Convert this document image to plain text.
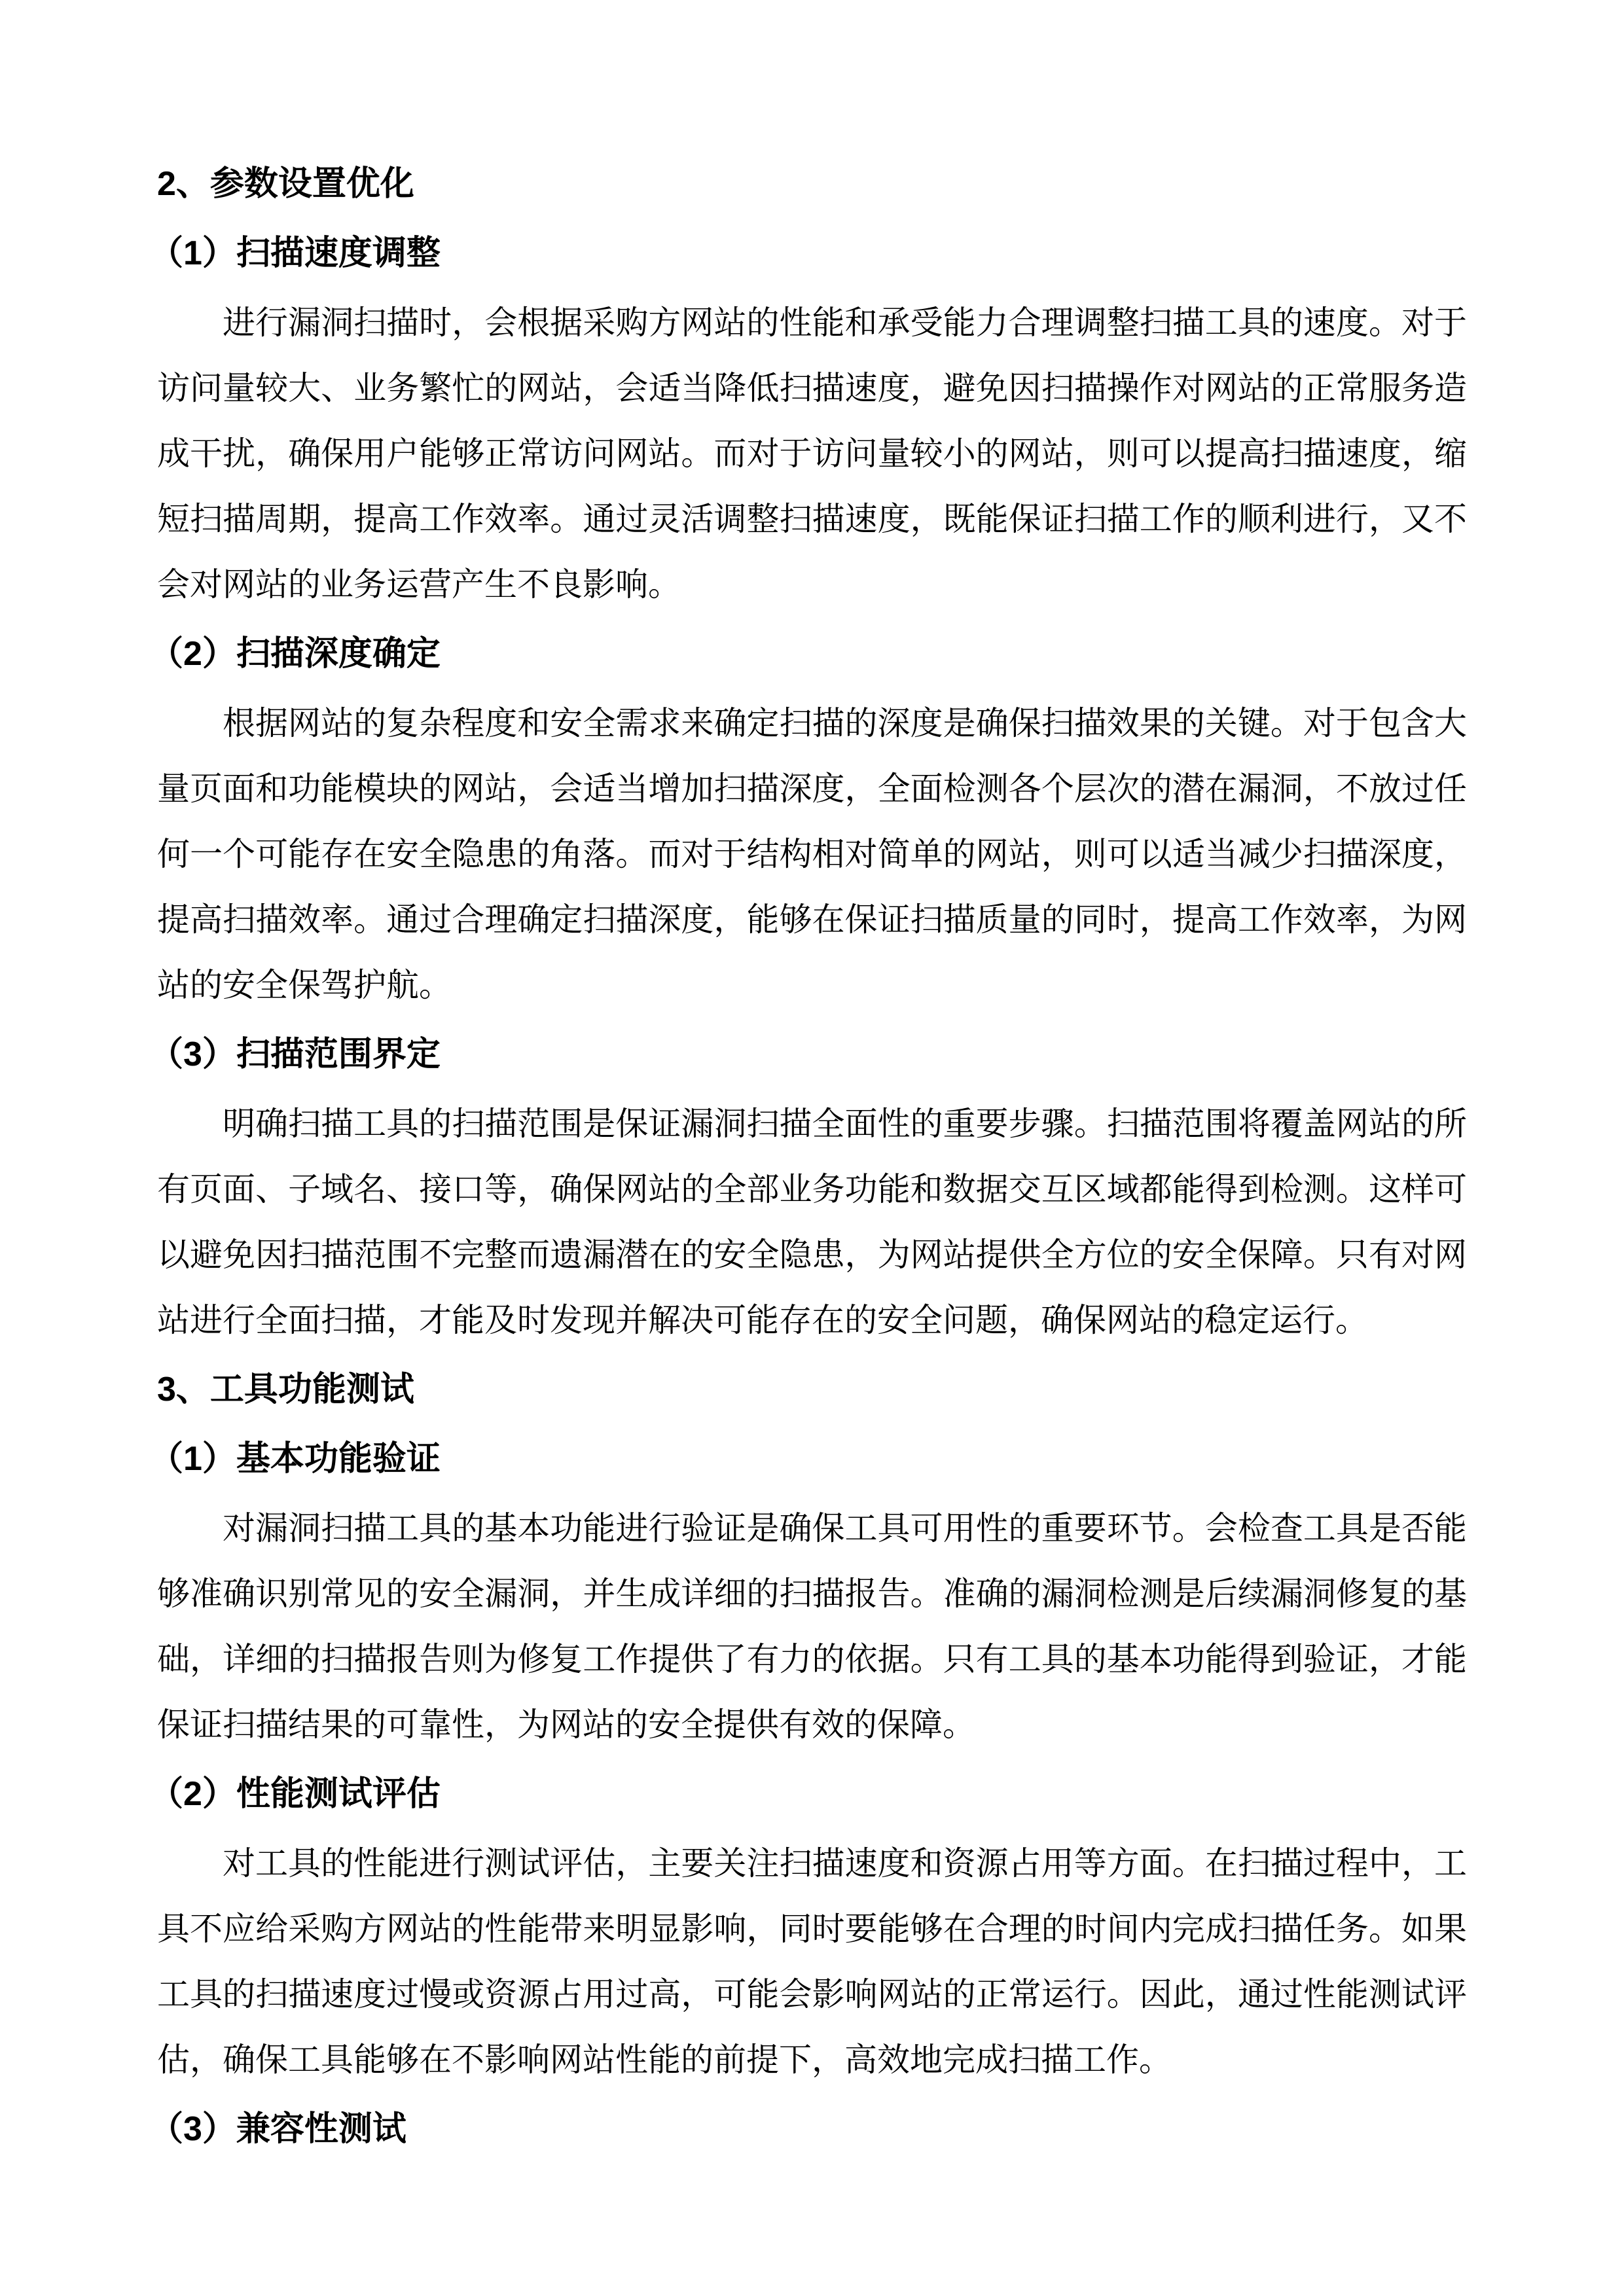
2、参数设置优化
（1）扫描速度调整

进行漏洞扫描时，会根据采购方网站的性能和承受能力合理调整扫描工具的速度。对于访问量较大、业务繁忙的网站，会适当降低扫描速度，避免因扫描操作对网站的正常服务造成干扰，确保用户能够正常访问网站。而对于访问量较小的网站，则可以提高扫描速度，缩短扫描周期，提高工作效率。通过灵活调整扫描速度，既能保证扫描工作的顺利进行，又不会对网站的业务运营产生不良影响。

（2）扫描深度确定

根据网站的复杂程度和安全需求来确定扫描的深度是确保扫描效果的关键。对于包含大量页面和功能模块的网站，会适当增加扫描深度，全面检测各个层次的潜在漏洞，不放过任何一个可能存在安全隐患的角落。而对于结构相对简单的网站，则可以适当减少扫描深度，提高扫描效率。通过合理确定扫描深度，能够在保证扫描质量的同时，提高工作效率，为网站的安全保驾护航。

（3）扫描范围界定

明确扫描工具的扫描范围是保证漏洞扫描全面性的重要步骤。扫描范围将覆盖网站的所有页面、子域名、接口等，确保网站的全部业务功能和数据交互区域都能得到检测。这样可以避免因扫描范围不完整而遗漏潜在的安全隐患，为网站提供全方位的安全保障。只有对网站进行全面扫描，才能及时发现并解决可能存在的安全问题，确保网站的稳定运行。

3、工具功能测试
（1）基本功能验证

对漏洞扫描工具的基本功能进行验证是确保工具可用性的重要环节。会检查工具是否能够准确识别常见的安全漏洞，并生成详细的扫描报告。准确的漏洞检测是后续漏洞修复的基础，详细的扫描报告则为修复工作提供了有力的依据。只有工具的基本功能得到验证，才能保证扫描结果的可靠性，为网站的安全提供有效的保障。

（2）性能测试评估

对工具的性能进行测试评估，主要关注扫描速度和资源占用等方面。在扫描过程中，工具不应给采购方网站的性能带来明显影响，同时要能够在合理的时间内完成扫描任务。如果工具的扫描速度过慢或资源占用过高，可能会影响网站的正常运行。因此，通过性能测试评估，确保工具能够在不影响网站性能的前提下，高效地完成扫描工作。

（3）兼容性测试
